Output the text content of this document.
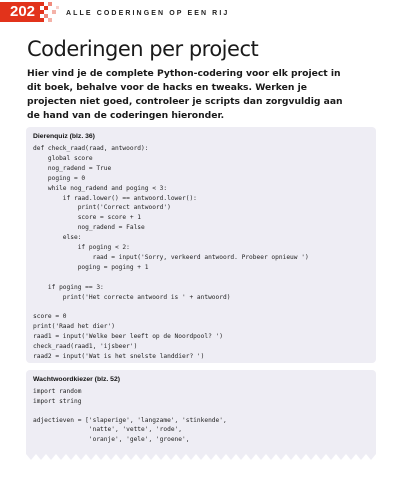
202	ALLE CODERINGEN OP EEN RIJ
Coderingen per project

Hier vind je de complete Python-codering voor elk project in dit boek, behalve voor de hacks en tweaks. Werken je projecten niet goed, controleer je scripts dan zorgvuldig aan de hand van de coderingen hieronder.

Dierenquiz (blz. 36)
def check_raad(raad, antwoord):
global score
nog_radend = True
poging = 0
while nog_radend and poging < 3:
if raad.lower() == antwoord.lower():
print('Correct antwoord')
score = score + 1
nog_radend = False
else:
if poging < 2:
raad = input('Sorry, verkeerd antwoord. Probeer opnieuw ')
poging = poging + 1

if poging == 3:
print('Het correcte antwoord is ' + antwoord)

score = 0
print('Raad het dier')
raad1 = input('Welke beer leeft op de Noordpool? ')
check_raad(raad1, 'ijsbeer')
raad2 = input('Wat is het snelste landdier? ')

Wachtwoordkiezer (blz. 52)
import random
import string

adjectieven = ['slaperige', 'langzame', 'stinkende',
'natte', 'vette', 'rode',
'oranje', 'gele', 'groene',
